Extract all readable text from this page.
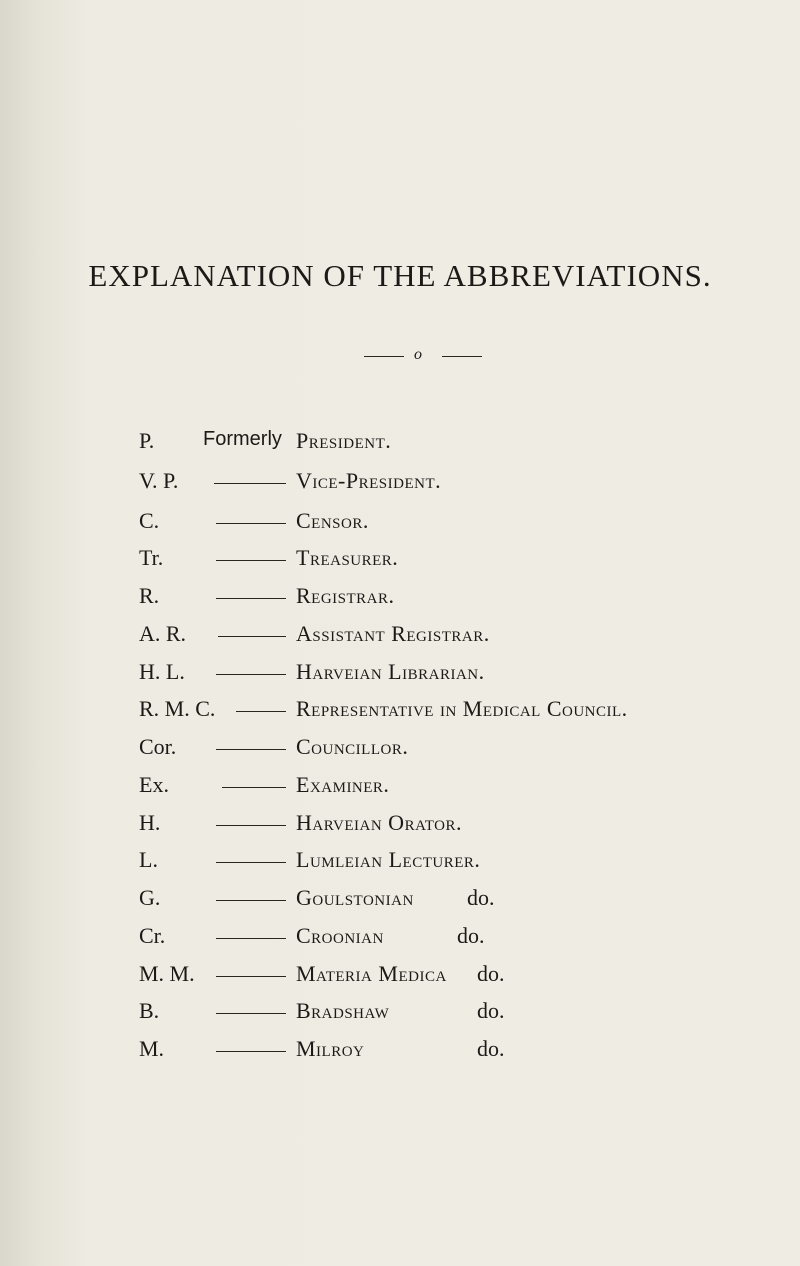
EXPLANATION OF THE ABBREVIATIONS.
o
P. Formerly President.
V. P.	Vice-President.
C.	Censor.
Tr.	Treasurer.
R.	Registrar.
A. R.	Assistant Registrar.
H. L.	Harveian Librarian.
R. M. C.	Representative in Medical Council.
Cor.	Councillor.
Ex.	Examiner.
H.	Harveian Orator.
L.	Lumleian Lecturer.
G.	Goulstonian do.
Cr.	Croonian	do.
M. M.	Materia Medica do.
B.	Bradshaw	do.
M.	Milroy	do.
